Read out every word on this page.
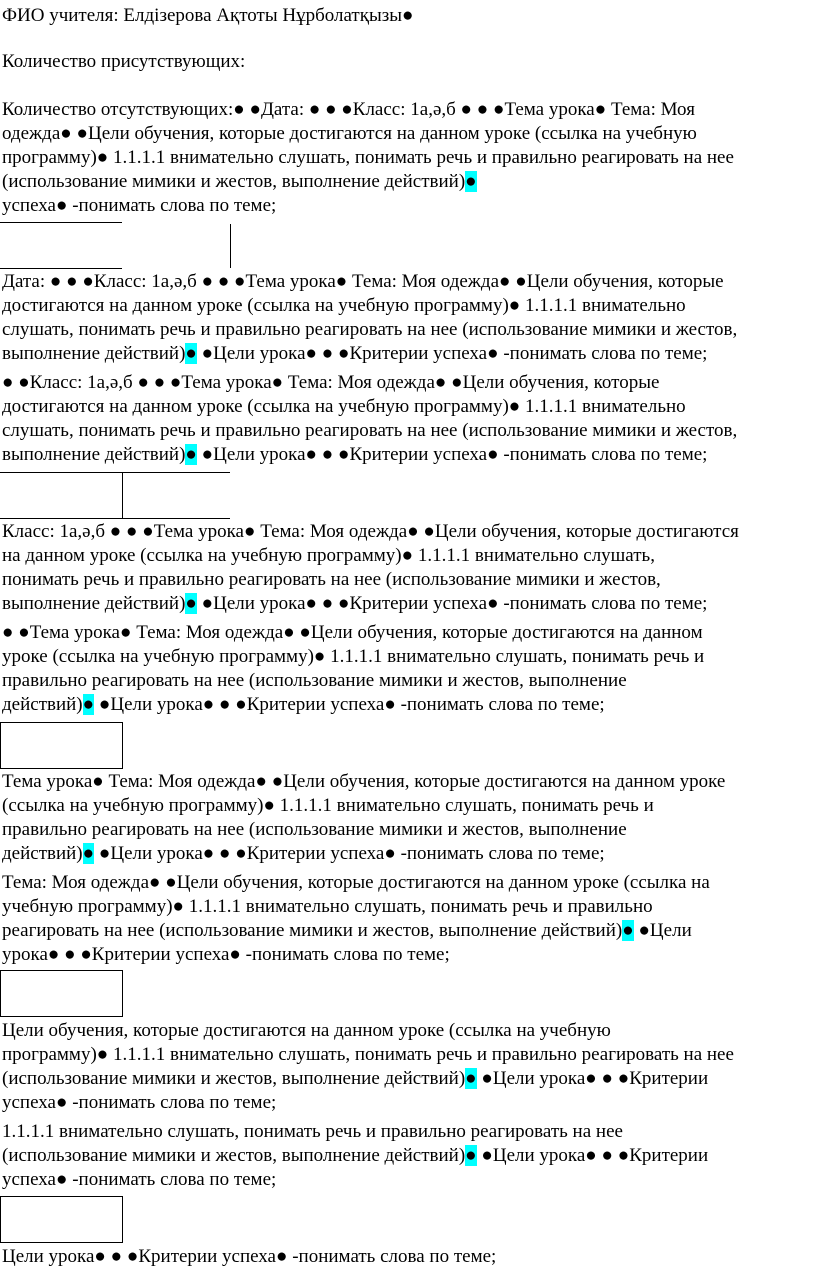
ФИО учителя: Елдізерова Ақтоты Нұрболатқызы●
Количество присутствующих:
Количество отсутствующих:● ●Дата: ● ● ●Класс: 1а,ә,б ● ● ●Тема урока● Тема: Моя
одежда● ●Цели обучения, которые достигаются на данном уроке (ссылка на учебную
программу)● 1.1.1.1 внимательно слушать, понимать речь и правильно реагировать на нее
(использование мимики и жестов, выполнение действий)●
успеха● -понимать слова по теме;
Дата: ● ● ●Класс: 1а,ә,б ● ● ●Тема урока● Тема: Моя одежда● ●Цели обучения, которые
достигаются на данном уроке (ссылка на учебную программу)● 1.1.1.1 внимательно
слушать, понимать речь и правильно реагировать на нее (использование мимики и жестов,
выполнение действий)● ●Цели урока● ● ●Критерии успеха● -понимать слова по теме;
● ●Класс: 1а,ә,б ● ● ●Тема урока● Тема: Моя одежда● ●Цели обучения, которые
достигаются на данном уроке (ссылка на учебную программу)● 1.1.1.1 внимательно
слушать, понимать речь и правильно реагировать на нее (использование мимики и жестов,
выполнение действий)● ●Цели урока● ● ●Критерии успеха● -понимать слова по теме;
Класс: 1а,ә,б ● ● ●Тема урока● Тема: Моя одежда● ●Цели обучения, которые достигаются
на данном уроке (ссылка на учебную программу)● 1.1.1.1 внимательно слушать,
понимать речь и правильно реагировать на нее (использование мимики и жестов,
выполнение действий)● ●Цели урока● ● ●Критерии успеха● -понимать слова по теме;
● ●Тема урока● Тема: Моя одежда● ●Цели обучения, которые достигаются на данном
уроке (ссылка на учебную программу)● 1.1.1.1 внимательно слушать, понимать речь и
правильно реагировать на нее (использование мимики и жестов, выполнение
действий)● ●Цели урока● ● ●Критерии успеха● -понимать слова по теме;
Тема урока● Тема: Моя одежда● ●Цели обучения, которые достигаются на данном уроке
(ссылка на учебную программу)● 1.1.1.1 внимательно слушать, понимать речь и
правильно реагировать на нее (использование мимики и жестов, выполнение
действий)● ●Цели урока● ● ●Критерии успеха● -понимать слова по теме;
Тема: Моя одежда● ●Цели обучения, которые достигаются на данном уроке (ссылка на
учебную программу)● 1.1.1.1 внимательно слушать, понимать речь и правильно
реагировать на нее (использование мимики и жестов, выполнение действий)● ●Цели
урока● ● ●Критерии успеха● -понимать слова по теме;
Цели обучения, которые достигаются на данном уроке (ссылка на учебную
программу)● 1.1.1.1 внимательно слушать, понимать речь и правильно реагировать на нее
(использование мимики и жестов, выполнение действий)● ●Цели урока● ● ●Критерии
успеха● -понимать слова по теме;
1.1.1.1 внимательно слушать, понимать речь и правильно реагировать на нее
(использование мимики и жестов, выполнение действий)● ●Цели урока● ● ●Критерии
успеха● -понимать слова по теме;
Цели урока● ● ●Критерии успеха● -понимать слова по теме;
